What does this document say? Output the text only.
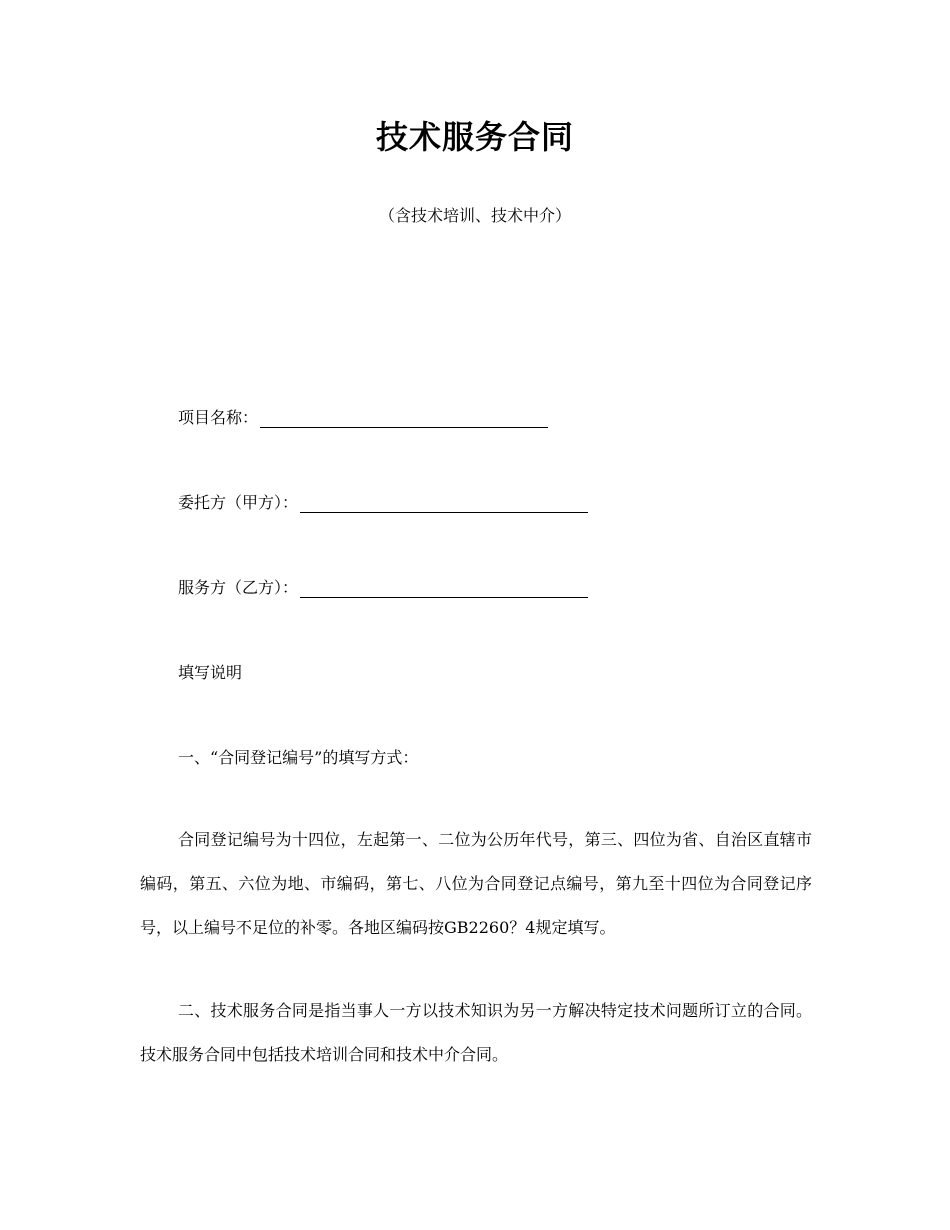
技术服务合同
（含技术培训、技术中介）
项目名称：
委托方（甲方）：
服务方（乙方）：
填写说明
一、“合同登记编号”的填写方式：

合同登记编号为十四位，左起第一、二位为公历年代号，第三、四位为省、自治区直辖市编码，第五、六位为地、市编码，第七、八位为合同登记点编号，第九至十四位为合同登记序号，以上编号不足位的补零。各地区编码按GB2260？4规定填写。

二、技术服务合同是指当事人一方以技术知识为另一方解决特定技术问题所订立的合同。技术服务合同中包括技术培训合同和技术中介合同。
